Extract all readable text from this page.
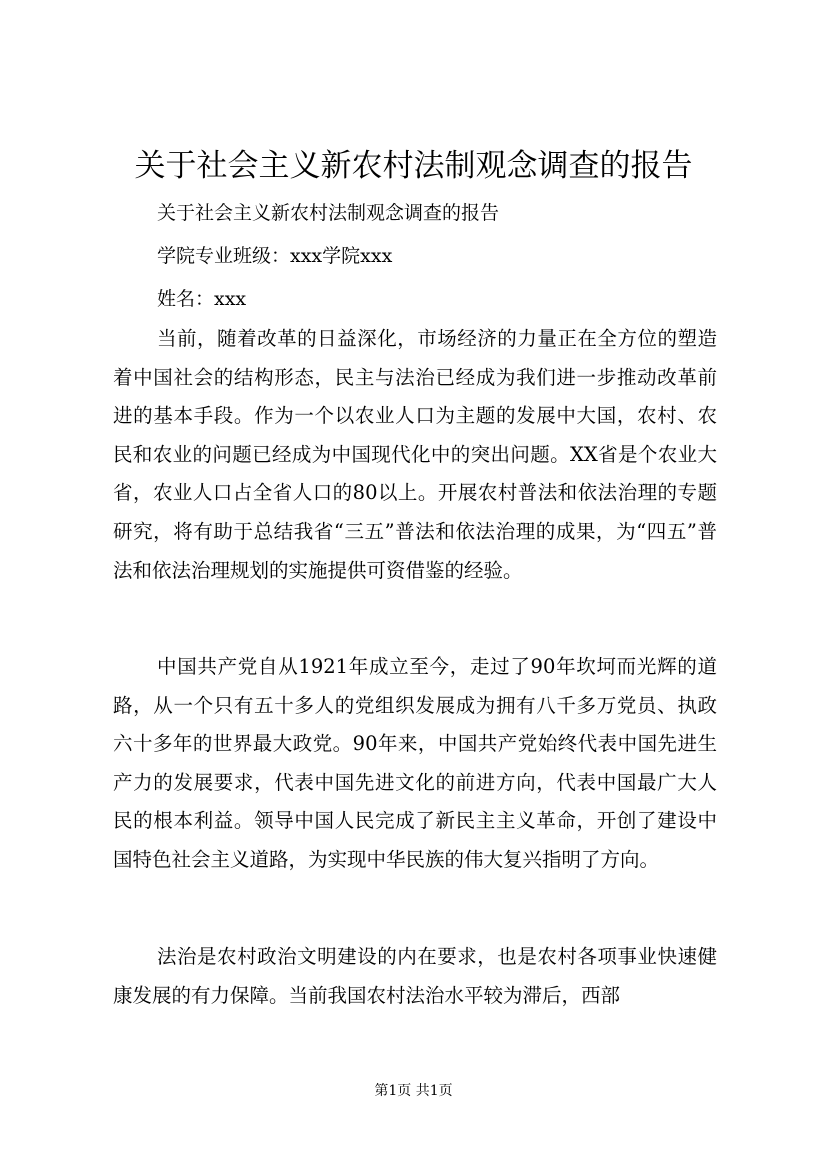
关于社会主义新农村法制观念调查的报告

关于社会主义新农村法制观念调查的报告

学院专业班级：xxx学院xxx

姓名：xxx

当前，随着改革的日益深化，市场经济的力量正在全方位的塑造着中国社会的结构形态，民主与法治已经成为我们进一步推动改革前进的基本手段。作为一个以农业人口为主题的发展中大国，农村、农民和农业的问题已经成为中国现代化中的突出问题。XX省是个农业大省，农业人口占全省人口的80以上。开展农村普法和依法治理的专题研究，将有助于总结我省“三五”普法和依法治理的成果，为“四五”普法和依法治理规划的实施提供可资借鉴的经验。

中国共产党自从1921年成立至今，走过了90年坎坷而光辉的道路，从一个只有五十多人的党组织发展成为拥有八千多万党员、执政六十多年的世界最大政党。90年来，中国共产党始终代表中国先进生产力的发展要求，代表中国先进文化的前进方向，代表中国最广大人民的根本利益。领导中国人民完成了新民主主义革命，开创了建设中国特色社会主义道路，为实现中华民族的伟大复兴指明了方向。

法治是农村政治文明建设的内在要求，也是农村各项事业快速健康发展的有力保障。当前我国农村法治水平较为滞后，西部

第1页 共1页
